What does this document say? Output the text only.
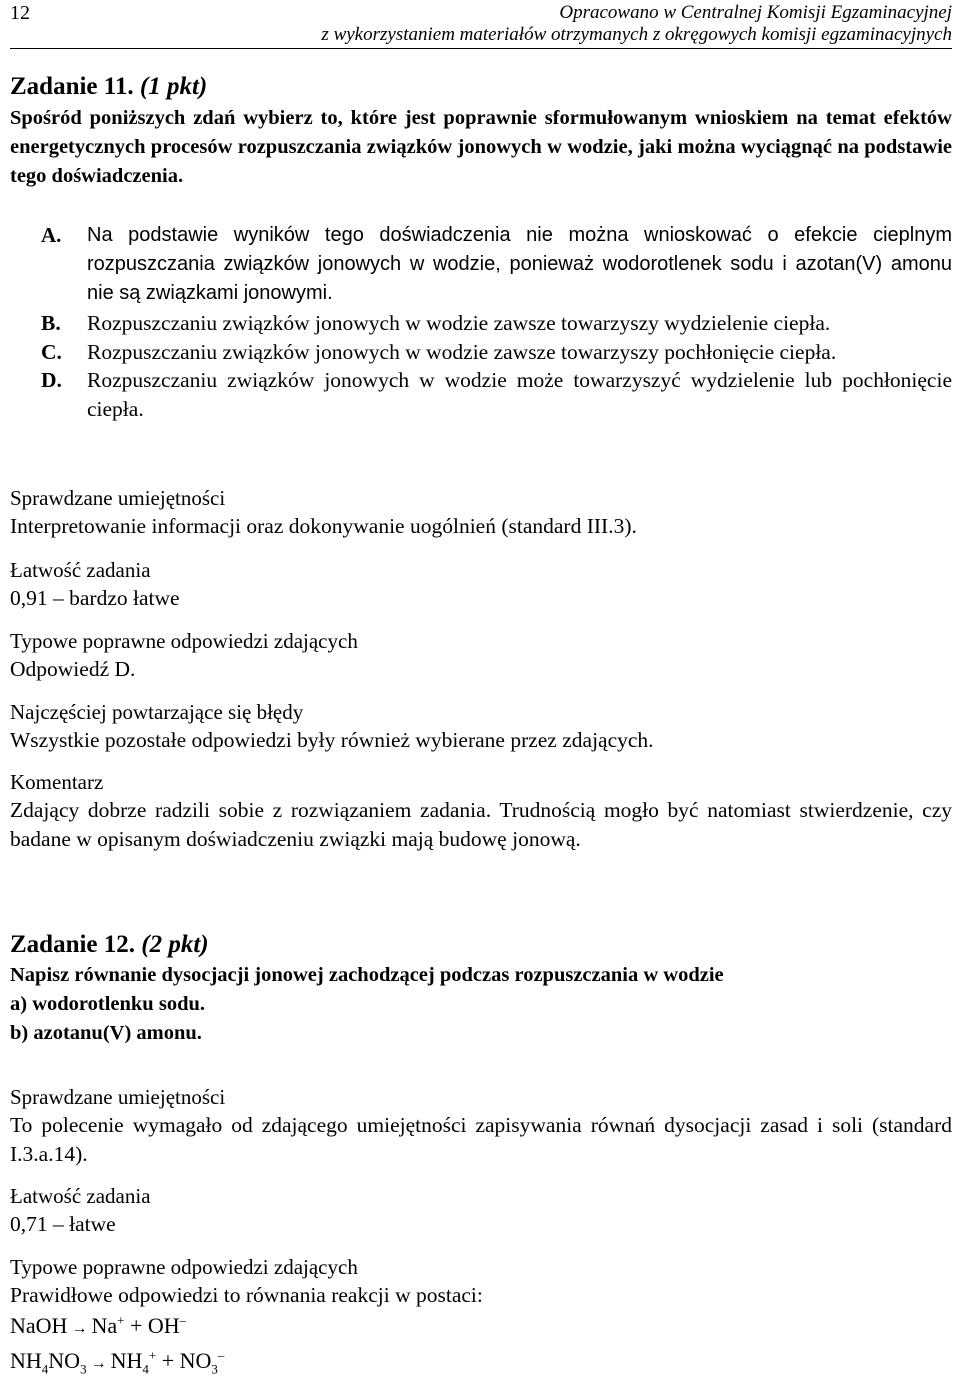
12	Opracowano w Centralnej Komisji Egzaminacyjnej
z wykorzystaniem materiałów otrzymanych z okręgowych komisji egzaminacyjnych

Zadanie 11. (1 pkt)

Spośród poniższych zdań wybierz to, które jest poprawnie sformułowanym wnioskiem na temat efektów energetycznych procesów rozpuszczania związków jonowych w wodzie, jaki można wyciągnąć na podstawie tego doświadczenia.

A. Na podstawie wyników tego doświadczenia nie można wnioskować o efekcie cieplnym rozpuszczania związków jonowych w wodzie, ponieważ wodorotlenek sodu i azotan(V) amonu nie są związkami jonowymi.
B. Rozpuszczaniu związków jonowych w wodzie zawsze towarzyszy wydzielenie ciepła.
C. Rozpuszczaniu związków jonowych w wodzie zawsze towarzyszy pochłonięcie ciepła.
D. Rozpuszczaniu związków jonowych w wodzie może towarzyszyć wydzielenie lub pochłonięcie ciepła.

Sprawdzane umiejętności

Interpretowanie informacji oraz dokonywanie uogólnień (standard III.3).

Łatwość zadania

0,91 – bardzo łatwe

Typowe poprawne odpowiedzi zdających

Odpowiedź D.

Najczęściej powtarzające się błędy

Wszystkie pozostałe odpowiedzi były również wybierane przez zdających.

Komentarz

Zdający dobrze radzili sobie z rozwiązaniem zadania. Trudnością mogło być natomiast stwierdzenie, czy badane w opisanym doświadczeniu związki mają budowę jonową.

Zadanie 12. (2 pkt)

Napisz równanie dysocjacji jonowej zachodzącej podczas rozpuszczania w wodzie

a) wodorotlenku sodu.

b) azotanu(V) amonu.

Sprawdzane umiejętności

To polecenie wymagało od zdającego umiejętności zapisywania równań dysocjacji zasad i soli (standard I.3.a.14).

Łatwość zadania

0,71 – łatwe

Typowe poprawne odpowiedzi zdających

Prawidłowe odpowiedzi to równania reakcji w postaci:

NaOH → Na+ + OH–

$NH_4NO_3 \to NH_4^+ + NO_3^-$
